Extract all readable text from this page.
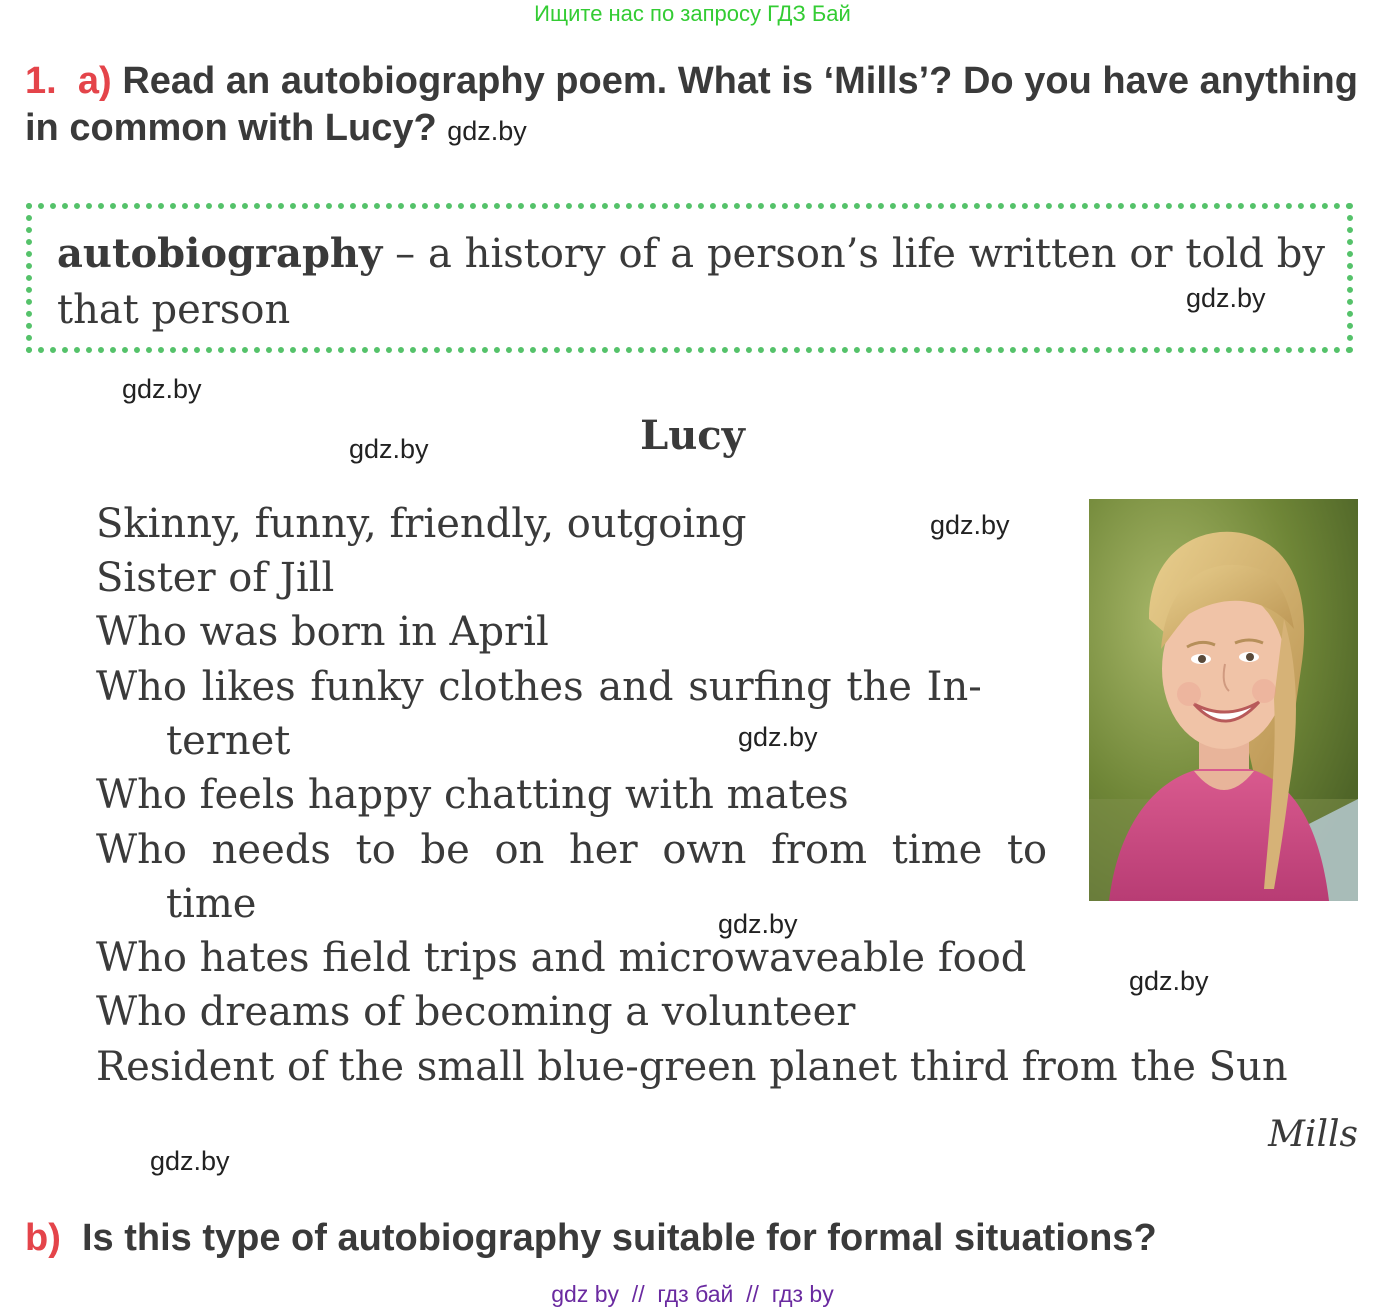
Ищите нас по запросу ГДЗ Бай
1. a) Read an autobiography poem. What is ‘Mills’? Do you have anything in common with Lucy? gdz.by
autobiography – a history of a person’s life written or told by that person	gdz.by
gdz.by
gdz.by
gdz.by
gdz.by
gdz.by
gdz.by
gdz.by
Lucy
Skinny, funny, friendly, outgoing
Sister of Jill
Who was born in April
Who likes funky clothes and surfing the In-
ternet
Who feels happy chatting with mates
Who needs to be on her own from time to
time
Who hates field trips and microwaveable food
Who dreams of becoming a volunteer
Resident of the small blue-green planet third from the Sun
Mills
b) Is this type of autobiography suitable for formal situations?
gdz by  //  гдз бай  //  гдз by
